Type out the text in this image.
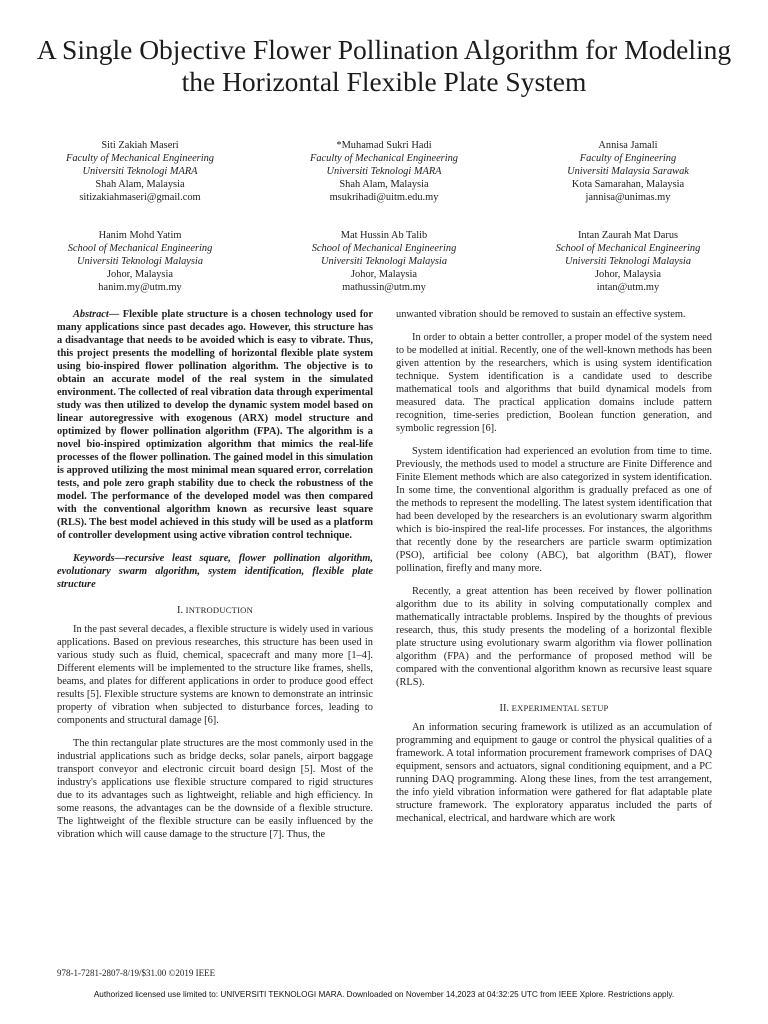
A Single Objective Flower Pollination Algorithm for Modeling the Horizontal Flexible Plate System
Siti Zakiah Maseri
Faculty of Mechanical Engineering
Universiti Teknologi MARA
Shah Alam, Malaysia
sitizakiahmaseri@gmail.com
*Muhamad Sukri Hadi
Faculty of Mechanical Engineering
Universiti Teknologi MARA
Shah Alam, Malaysia
msukrihadi@uitm.edu.my
Annisa Jamali
Faculty of Engineering
Universiti Malaysia Sarawak
Kota Samarahan, Malaysia
jannisa@unimas.my
Hanim Mohd Yatim
School of Mechanical Engineering
Universiti Teknologi Malaysia
Johor, Malaysia
hanim.my@utm.my
Mat Hussin Ab Talib
School of Mechanical Engineering
Universiti Teknologi Malaysia
Johor, Malaysia
mathussin@utm.my
Intan Zaurah Mat Darus
School of Mechanical Engineering
Universiti Teknologi Malaysia
Johor, Malaysia
intan@utm.my

Abstract— Flexible plate structure is a chosen technology used for many applications since past decades ago. However, this structure has a disadvantage that needs to be avoided which is easy to vibrate. Thus, this project presents the modelling of horizontal flexible plate system using bio-inspired flower pollination algorithm. The objective is to obtain an accurate model of the real system in the simulated environment. The collected of real vibration data through experimental study was then utilized to develop the dynamic system model based on linear autoregressive with exogenous (ARX) model structure and optimized by flower pollination algorithm (FPA). The algorithm is a novel bio-inspired optimization algorithm that mimics the real-life processes of the flower pollination. The gained model in this simulation is approved utilizing the most minimal mean squared error, correlation tests, and pole zero graph stability due to check the robustness of the model. The performance of the developed model was then compared with the conventional algorithm known as recursive least square (RLS). The best model achieved in this study will be used as a platform of controller development using active vibration control technique.

Keywords—recursive least square, flower pollination algorithm, evolutionary swarm algorithm, system identification, flexible plate structure

I. INTRODUCTION

In the past several decades, a flexible structure is widely used in various applications. Based on previous researches, this structure has been used in various study such as fluid, chemical, spacecraft and many more [1–4]. Different elements will be implemented to the structure like frames, shells, beams, and plates for different applications in order to produce good effect results [5]. Flexible structure systems are known to demonstrate an intrinsic property of vibration when subjected to disturbance forces, leading to components and structural damage [6].

The thin rectangular plate structures are the most commonly used in the industrial applications such as bridge decks, solar panels, airport baggage transport conveyor and electronic circuit board design [5]. Most of the industry's applications use flexible structure compared to rigid structures due to its advantages such as lightweight, reliable and high efficiency. In some reasons, the advantages can be the downside of a flexible structure. The lightweight of the flexible structure can be easily influenced by the vibration which will cause damage to the structure [7]. Thus, the

unwanted vibration should be removed to sustain an effective system.

In order to obtain a better controller, a proper model of the system need to be modelled at initial. Recently, one of the well-known methods has been given attention by the researchers, which is using system identification technique. System identification is a candidate used to describe mathematical tools and algorithms that build dynamical models from measured data. The practical application domains include pattern recognition, time-series prediction, Boolean function generation, and symbolic regression [6].

System identification had experienced an evolution from time to time. Previously, the methods used to model a structure are Finite Difference and Finite Element methods which are also categorized in system identification. In some time, the conventional algorithm is gradually prefaced as one of the methods to represent the modelling. The latest system identification that had been developed by the researchers is an evolutionary swarm algorithm which is bio-inspired the real-life processes. For instances, the algorithms that recently done by the researchers are particle swarm optimization (PSO), artificial bee colony (ABC), bat algorithm (BAT), flower pollination, firefly and many more.

Recently, a great attention has been received by flower pollination algorithm due to its ability in solving computationally complex and mathematically intractable problems. Inspired by the thoughts of previous research, thus, this study presents the modeling of a horizontal flexible plate structure using evolutionary swarm algorithm via flower pollination algorithm (FPA) and the performance of proposed method will be compared with the conventional algorithm known as recursive least square (RLS).

II. EXPERIMENTAL SETUP

An information securing framework is utilized as an accumulation of programming and equipment to gauge or control the physical qualities of a framework. A total information procurement framework comprises of DAQ equipment, sensors and actuators, signal conditioning equipment, and a PC running DAQ programming. Along these lines, from the test arrangement, the info yield vibration information were gathered for flat adaptable plate structure framework. The exploratory apparatus included the parts of mechanical, electrical, and hardware which are work

978-1-7281-2807-8/19/$31.00 ©2019 IEEE
Authorized licensed use limited to: UNIVERSITI TEKNOLOGI MARA. Downloaded on November 14,2023 at 04:32:25 UTC from IEEE Xplore. Restrictions apply.
